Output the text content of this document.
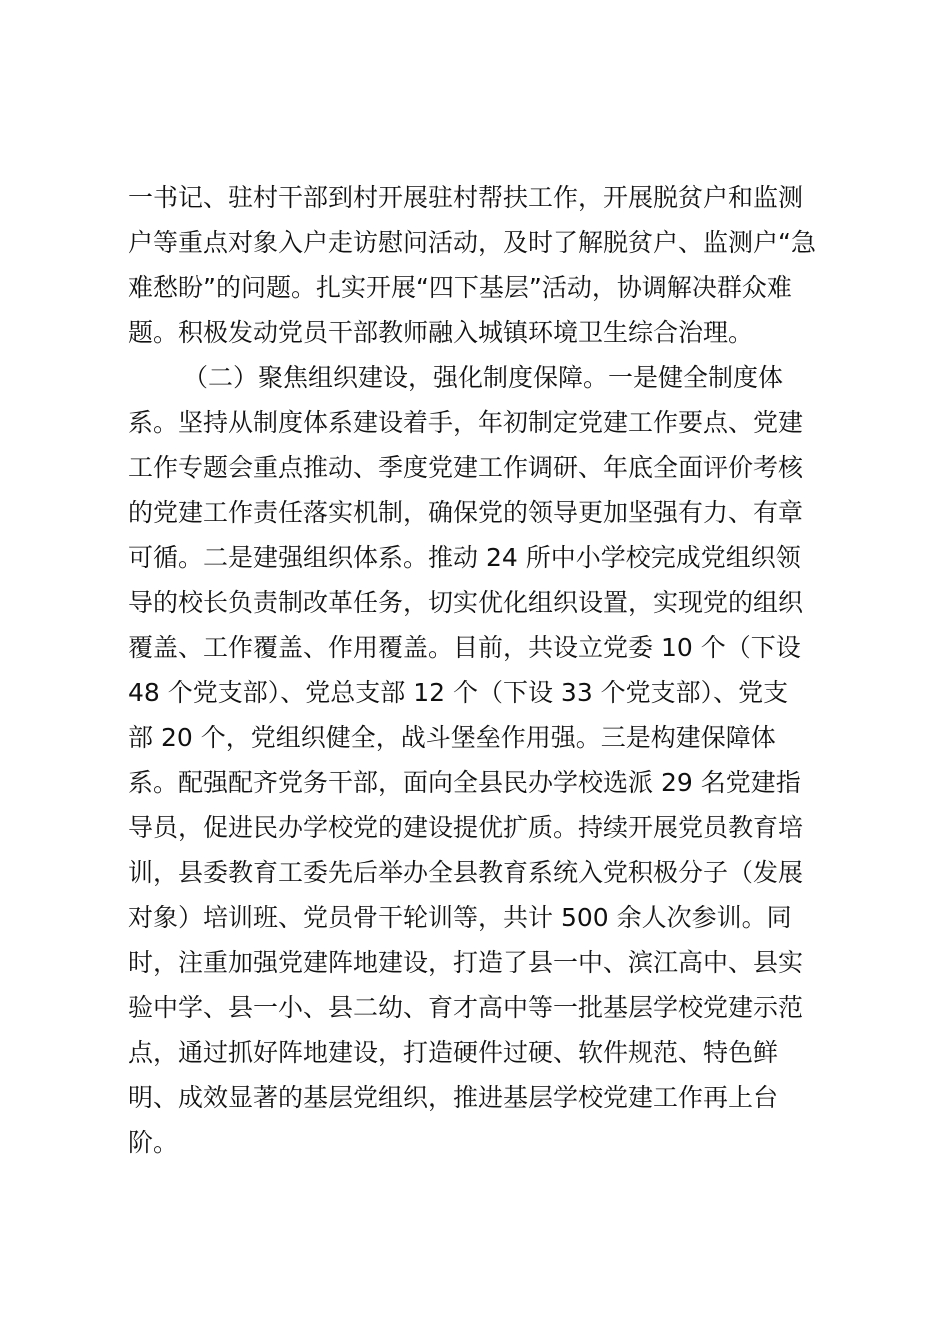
一书记、驻村干部到村开展驻村帮扶工作，开展脱贫户和监测
户等重点对象入户走访慰问活动，及时了解脱贫户、监测户“急
难愁盼”的问题。扎实开展“四下基层”活动，协调解决群众难
题。积极发动党员干部教师融入城镇环境卫生综合治理。
（二）聚焦组织建设，强化制度保障。一是健全制度体
系。坚持从制度体系建设着手，年初制定党建工作要点、党建
工作专题会重点推动、季度党建工作调研、年底全面评价考核
的党建工作责任落实机制，确保党的领导更加坚强有力、有章
可循。二是建强组织体系。推动 24 所中小学校完成党组织领
导的校长负责制改革任务，切实优化组织设置，实现党的组织
覆盖、工作覆盖、作用覆盖。目前，共设立党委 10 个（下设
48 个党支部）、党总支部 12 个（下设 33 个党支部）、党支
部 20 个，党组织健全，战斗堡垒作用强。三是构建保障体
系。配强配齐党务干部，面向全县民办学校选派 29 名党建指
导员，促进民办学校党的建设提优扩质。持续开展党员教育培
训，县委教育工委先后举办全县教育系统入党积极分子（发展
对象）培训班、党员骨干轮训等，共计 500 余人次参训。同
时，注重加强党建阵地建设，打造了县一中、滨江高中、县实
验中学、县一小、县二幼、育才高中等一批基层学校党建示范
点，通过抓好阵地建设，打造硬件过硬、软件规范、特色鲜
明、成效显著的基层党组织，推进基层学校党建工作再上台
阶。
